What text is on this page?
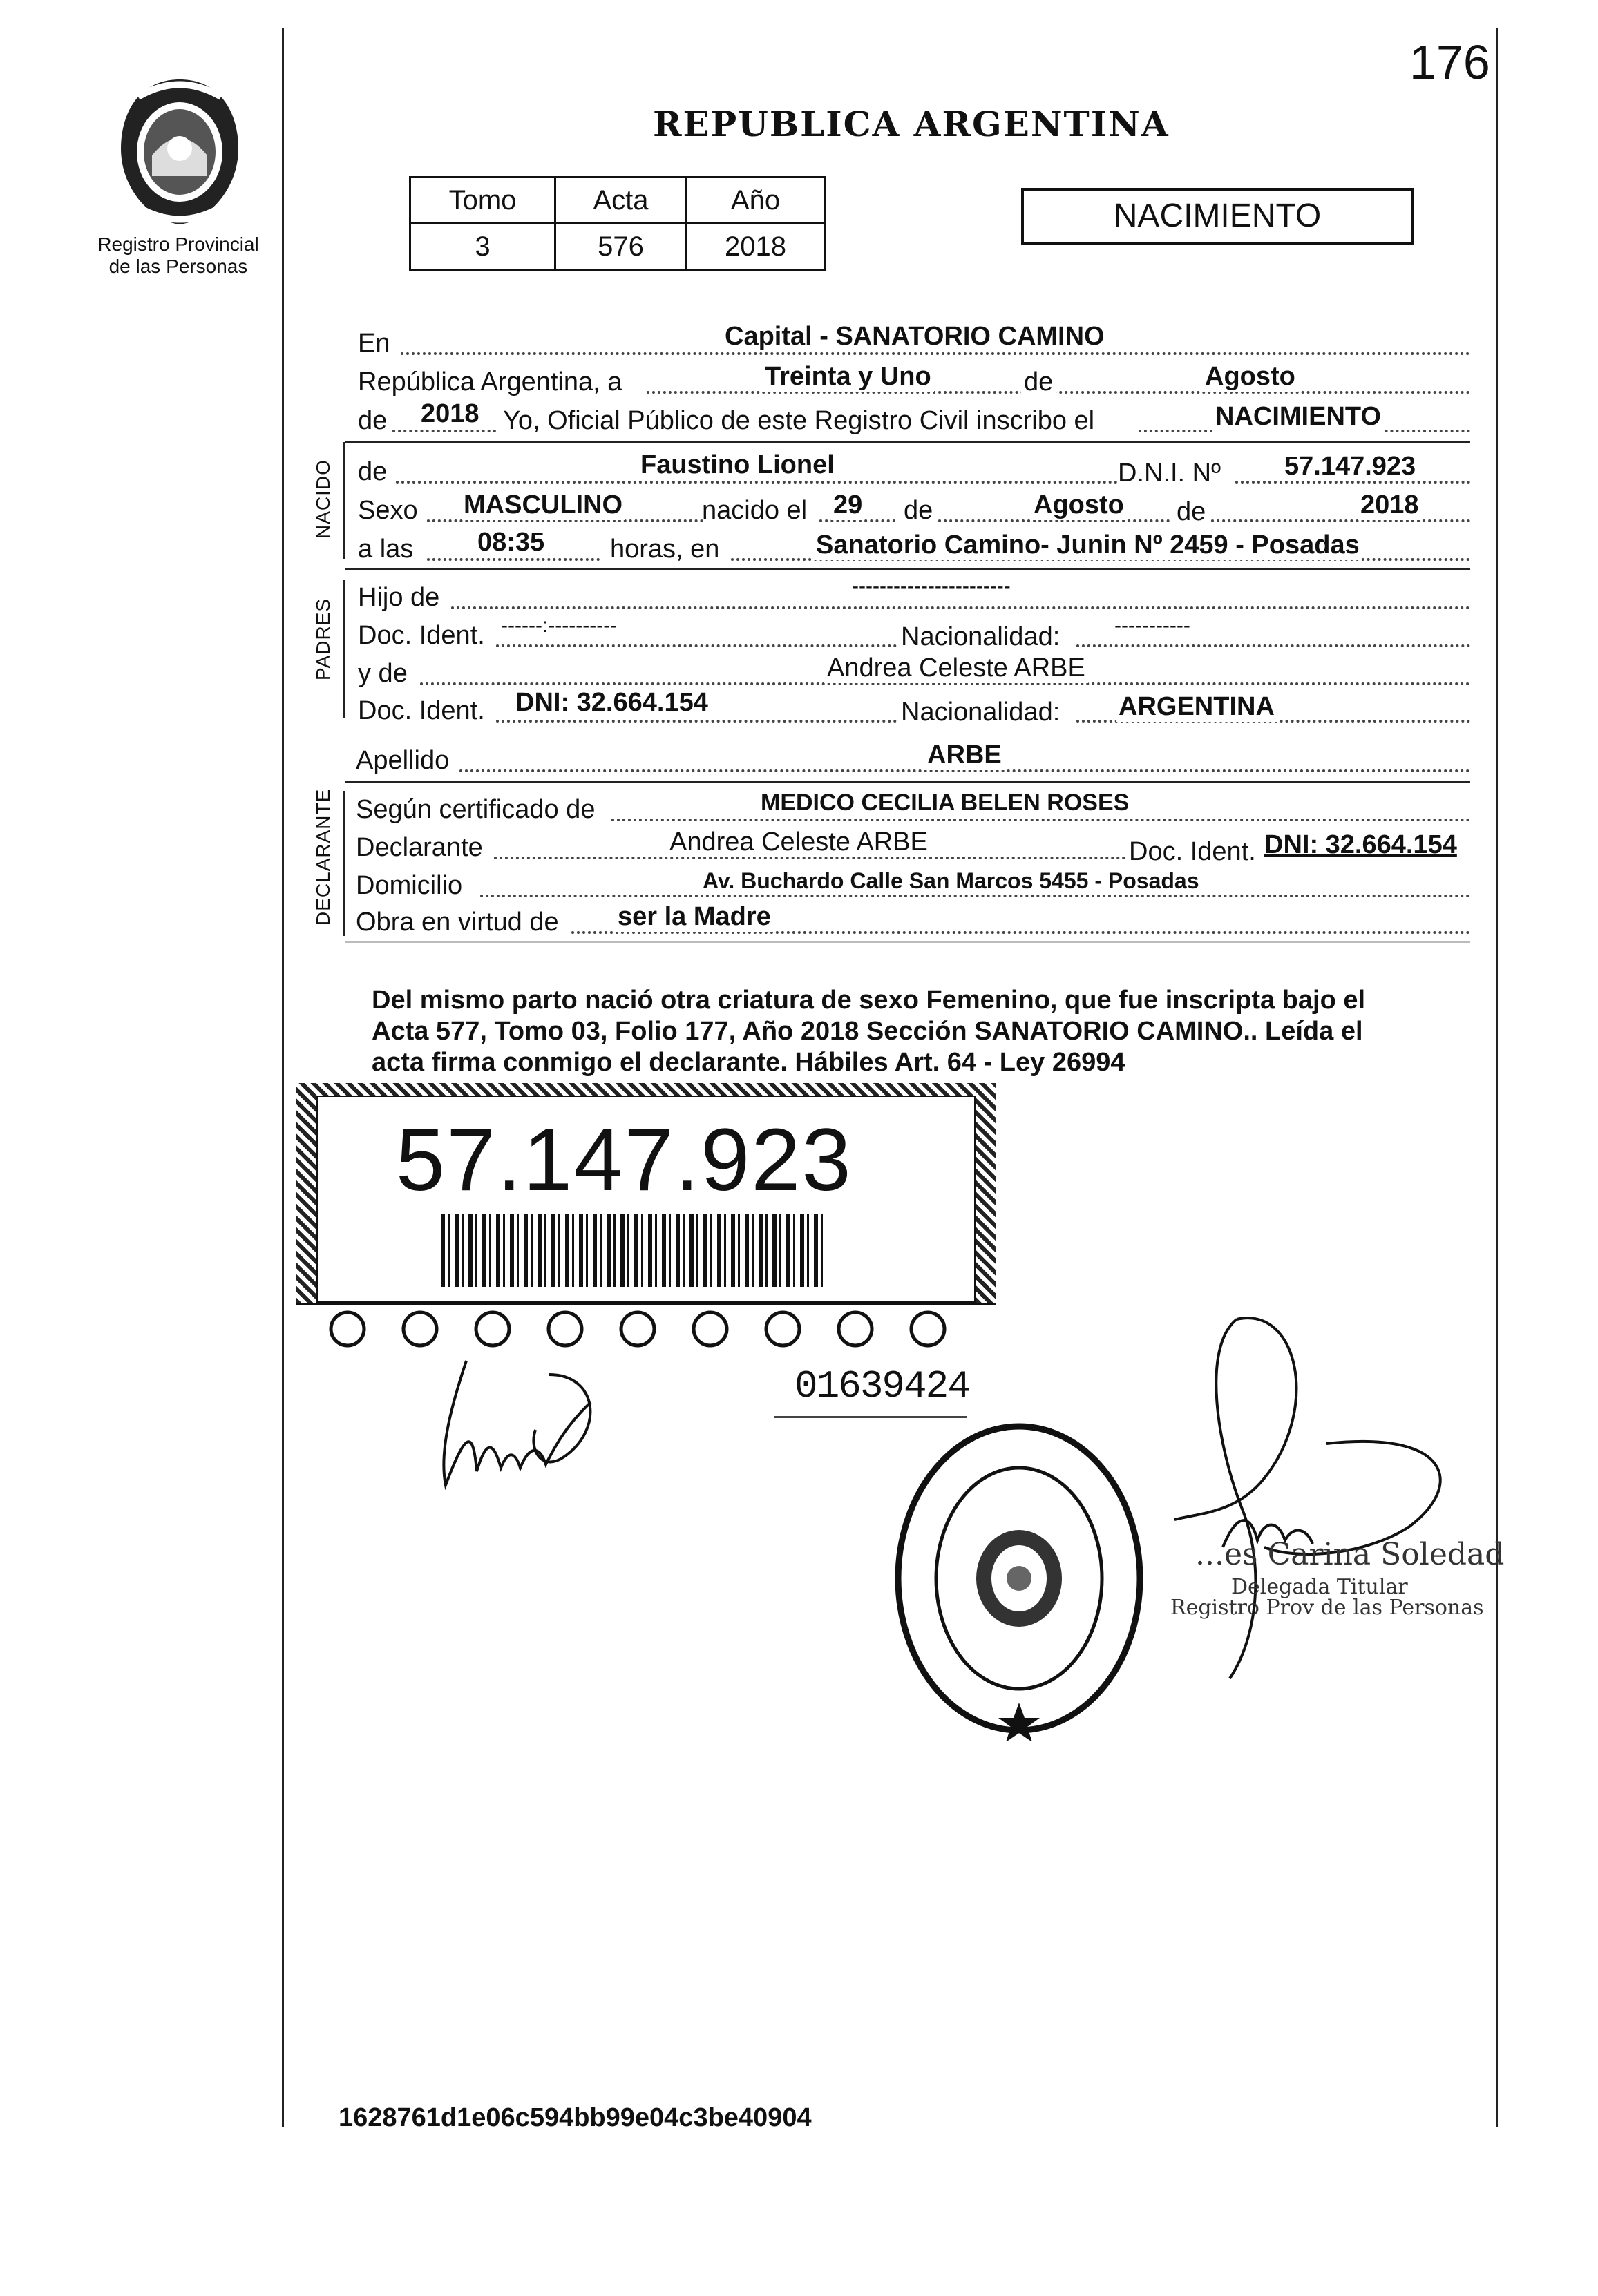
176
Registro Provincial
de las Personas
REPUBLICA ARGENTINA
Tomo	Acta	Año
3	576	2018
NACIMIENTO
En	Capital - SANATORIO CAMINO
República Argentina, a	Treinta y Uno	de	Agosto
de 2018 Yo, Oficial Público de este Registro Civil inscribo el	NACIMIENTO
NACIDO de	Faustino Lionel	D.N.I. Nº 57.147.923
Sexo MASCULINO	nacido el 29 de	Agosto de	2018
a las 08:35 horas, en	Sanatorio Camino- Junin Nº 2459 - Posadas
PADRES
Hijo de	-----------------------
Doc. Ident. ------:----------	Nacionalidad:	-----------
y de	Andrea Celeste ARBE
Doc. Ident. DNI: 32.664.154	Nacionalidad: ARGENTINA
Apellido	ARBE
DECLARANTE Según certificado de	MEDICO CECILIA BELEN ROSES
Declarante	Andrea Celeste ARBE	Doc. Ident. DNI: 32.664.154
Domicilio	Av. Buchardo Calle San Marcos 5455 - Posadas
Obra en virtud de ser la Madre
Del mismo parto nació otra criatura de sexo Femenino, que fue inscripta bajo el
Acta 577, Tomo 03, Folio 177, Año 2018 Sección SANATORIO CAMINO.. Leída el
acta firma conmigo el declarante. Hábiles Art. 64 - Ley 26994
57.147.923
01639424
...es Carina Soledad
Delegada Titular
Registro Prov de las Personas
1628761d1e06c594bb99e04c3be40904
